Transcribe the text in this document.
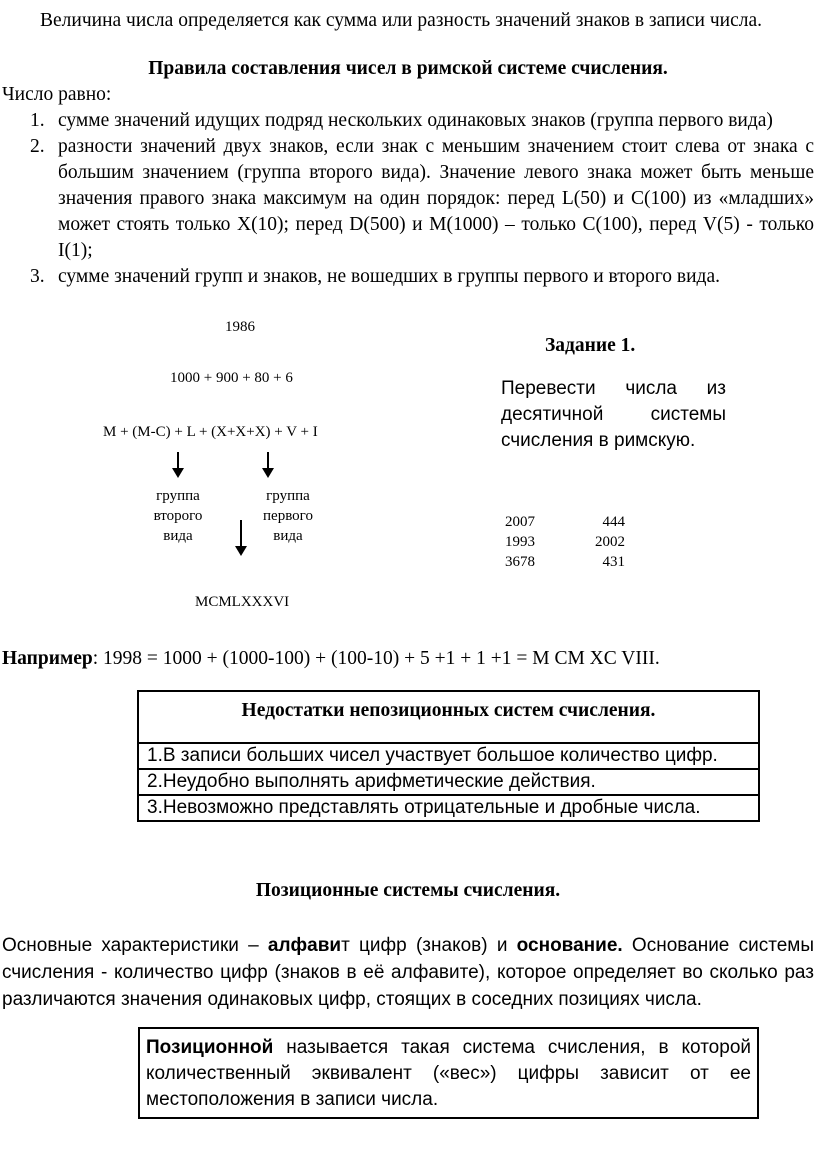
Величина числа определяется как сумма или разность значений знаков в записи числа.

Правила составления чисел в римской системе счисления.

Число равно:

1. сумме значений идущих подряд нескольких одинаковых знаков (группа первого вида)
2. разности значений двух знаков, если знак с меньшим значением стоит слева от знака с большим значением (группа второго вида). Значение левого знака может быть меньше значения правого знака максимум на один порядок: перед L(50) и C(100) из «младших» может стоять только X(10); перед D(500) и M(1000) – только C(100), перед V(5) - только I(1);
3. сумме значений групп и знаков, не вошедших в группы первого и второго вида.
1986
1000 + 900 + 80 + 6
M + (M-C) + L + (X+X+X) + V + I
группа второго вида
группа первого вида
MCMLXXXVI
Задание 1.
Перевести числа из десятичной системы счисления в римскую.
2007	444
1993	2002
3678	431

Например: 1998 = 1000 + (1000-100) + (100-10) + 5 +1 + 1 +1 = M CM XC VIII.

Недостатки непозиционных систем счисления.
1.В записи больших чисел участвует большое количество цифр.
2.Неудобно выполнять арифметические действия.
3.Невозможно представлять отрицательные и дробные числа.

Позиционные системы счисления.

Основные характеристики – алфавит цифр (знаков) и основание. Основание системы счисления - количество цифр (знаков в её алфавите), которое определяет во сколько раз различаются значения одинаковых цифр, стоящих в соседних позициях числа.

Позиционной называется такая система счисления, в которой количественный эквивалент («вес») цифры зависит от ее местоположения в записи числа.
